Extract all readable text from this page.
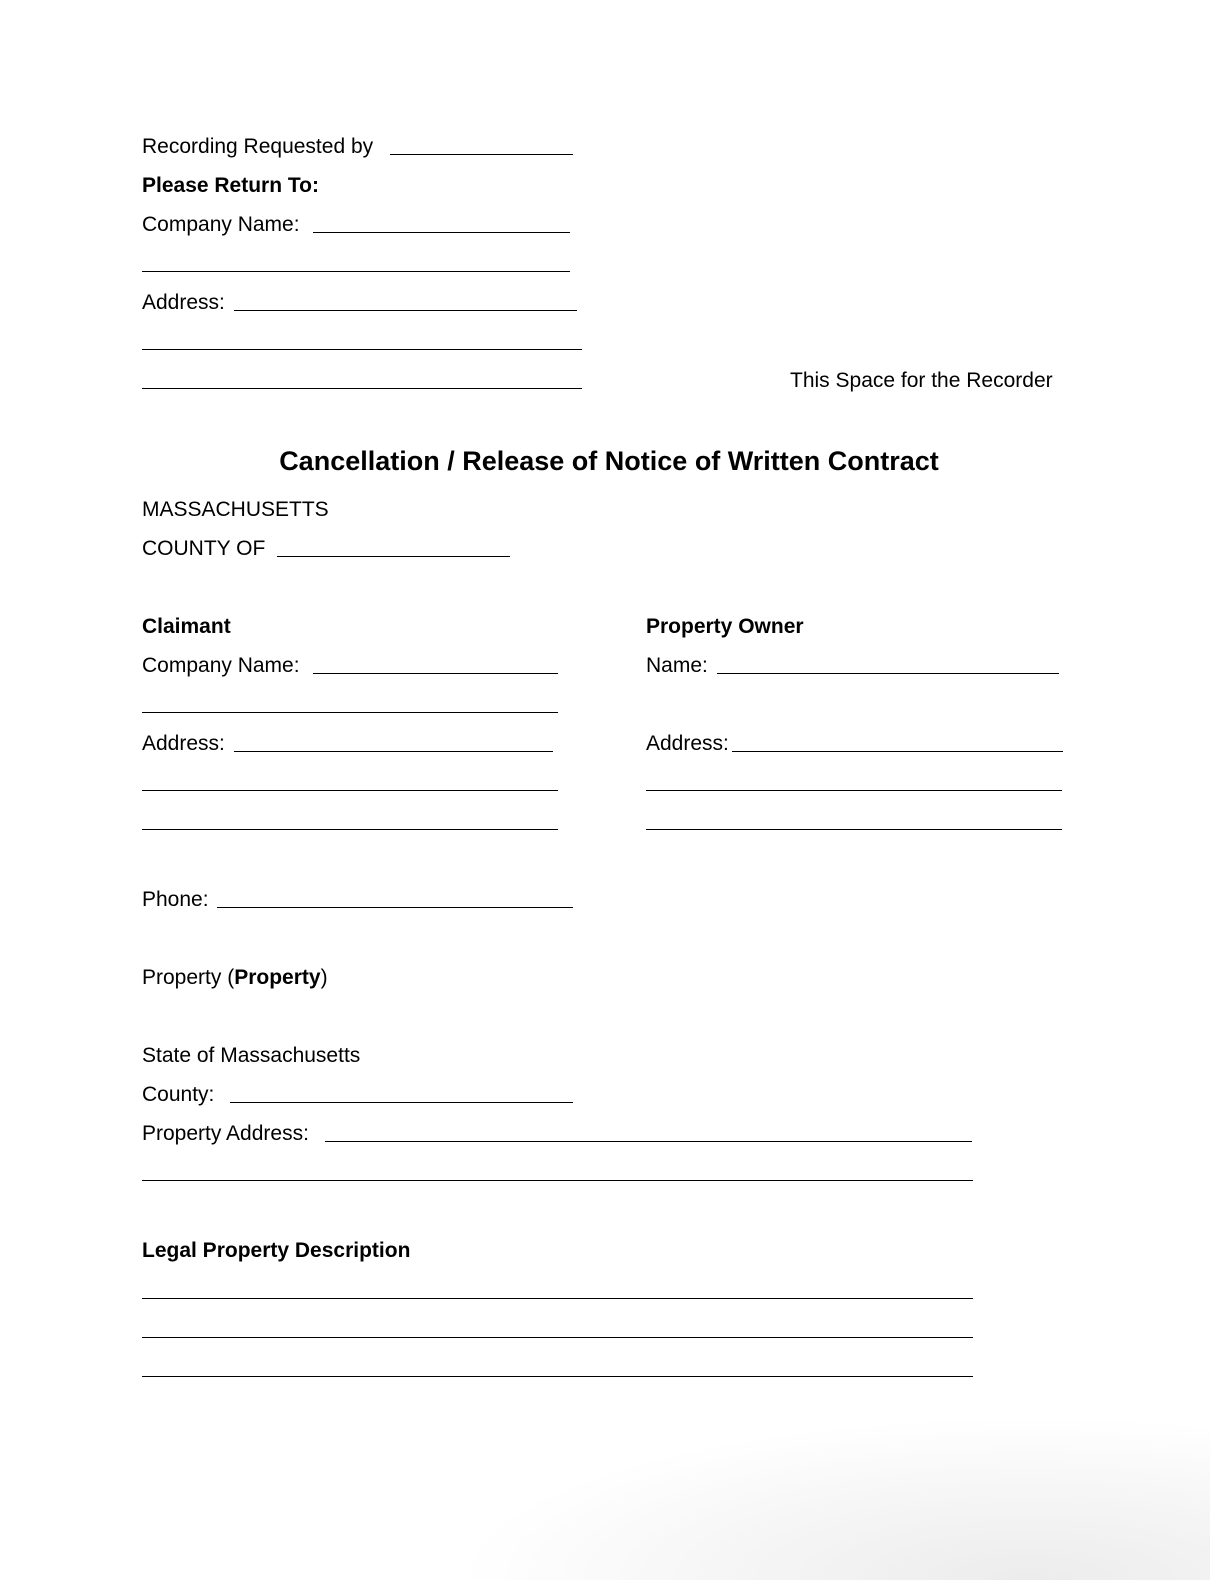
Recording Requested by
Please Return To:
Company Name:
Address:
This Space for the Recorder
Cancellation / Release of Notice of Written Contract
MASSACHUSETTS
COUNTY OF
Claimant
Company Name:
Address:
Phone:
Property Owner
Name:
Address:
Property (Property)
State of Massachusetts
County:
Property Address:
Legal Property Description
